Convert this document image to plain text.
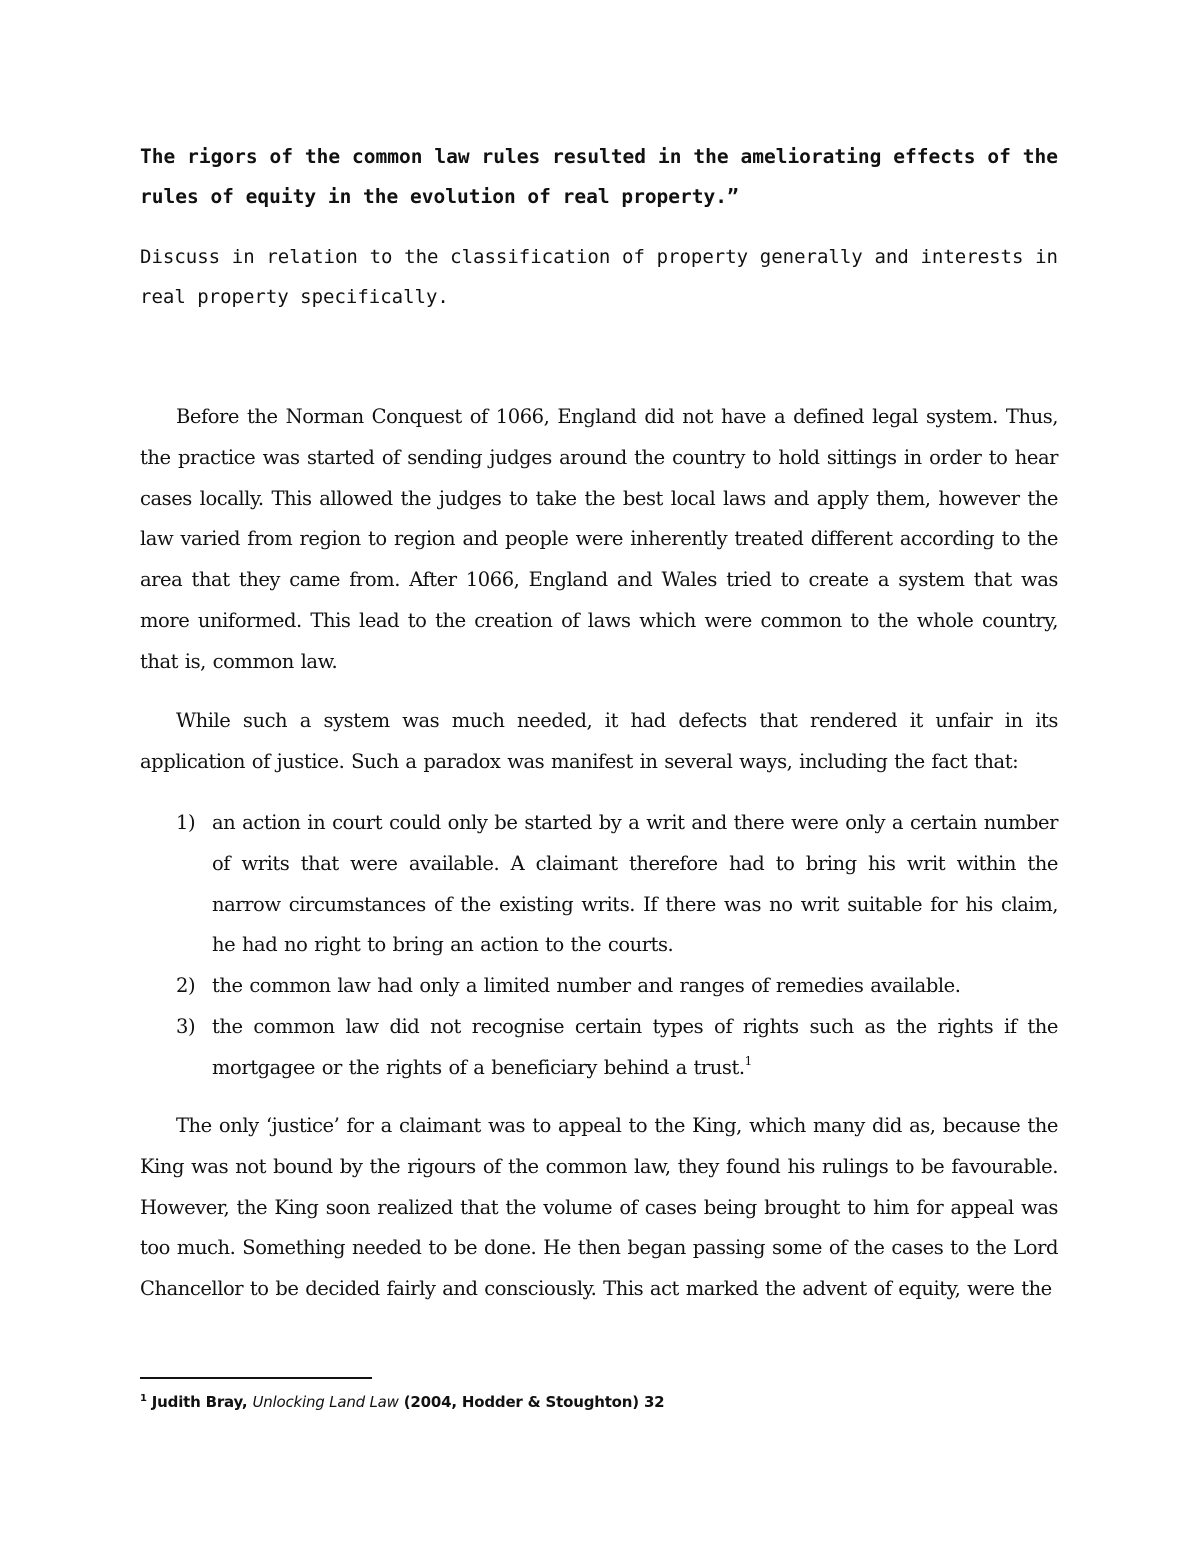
The rigors of the common law rules resulted in the ameliorating effects of the rules of equity in the evolution of real property.”

Discuss in relation to the classification of property generally and interests in real property specifically.

Before the Norman Conquest of 1066, England did not have a defined legal system. Thus, the practice was started of sending judges around the country to hold sittings in order to hear cases locally. This allowed the judges to take the best local laws and apply them, however the law varied from region to region and people were inherently treated different according to the area that they came from. After 1066, England and Wales tried to create a system that was more uniformed. This lead to the creation of laws which were common to the whole country, that is, common law.

While such a system was much needed, it had defects that rendered it unfair in its application of justice. Such a paradox was manifest in several ways, including the fact that:

1) an action in court could only be started by a writ and there were only a certain number of writs that were available. A claimant therefore had to bring his writ within the narrow circumstances of the existing writs. If there was no writ suitable for his claim, he had no right to bring an action to the courts.
2) the common law had only a limited number and ranges of remedies available.
3) the common law did not recognise certain types of rights such as the rights if the mortgagee or the rights of a beneficiary behind a trust.$^1$

The only ‘justice’ for a claimant was to appeal to the King, which many did as, because the King was not bound by the rigours of the common law, they found his rulings to be favourable. However, the King soon realized that the volume of cases being brought to him for appeal was too much. Something needed to be done. He then began passing some of the cases to the Lord Chancellor to be decided fairly and consciously. This act marked the advent of equity, were the

$^1$ Judith Bray, Unlocking Land Law (2004, Hodder & Stoughton) 32
